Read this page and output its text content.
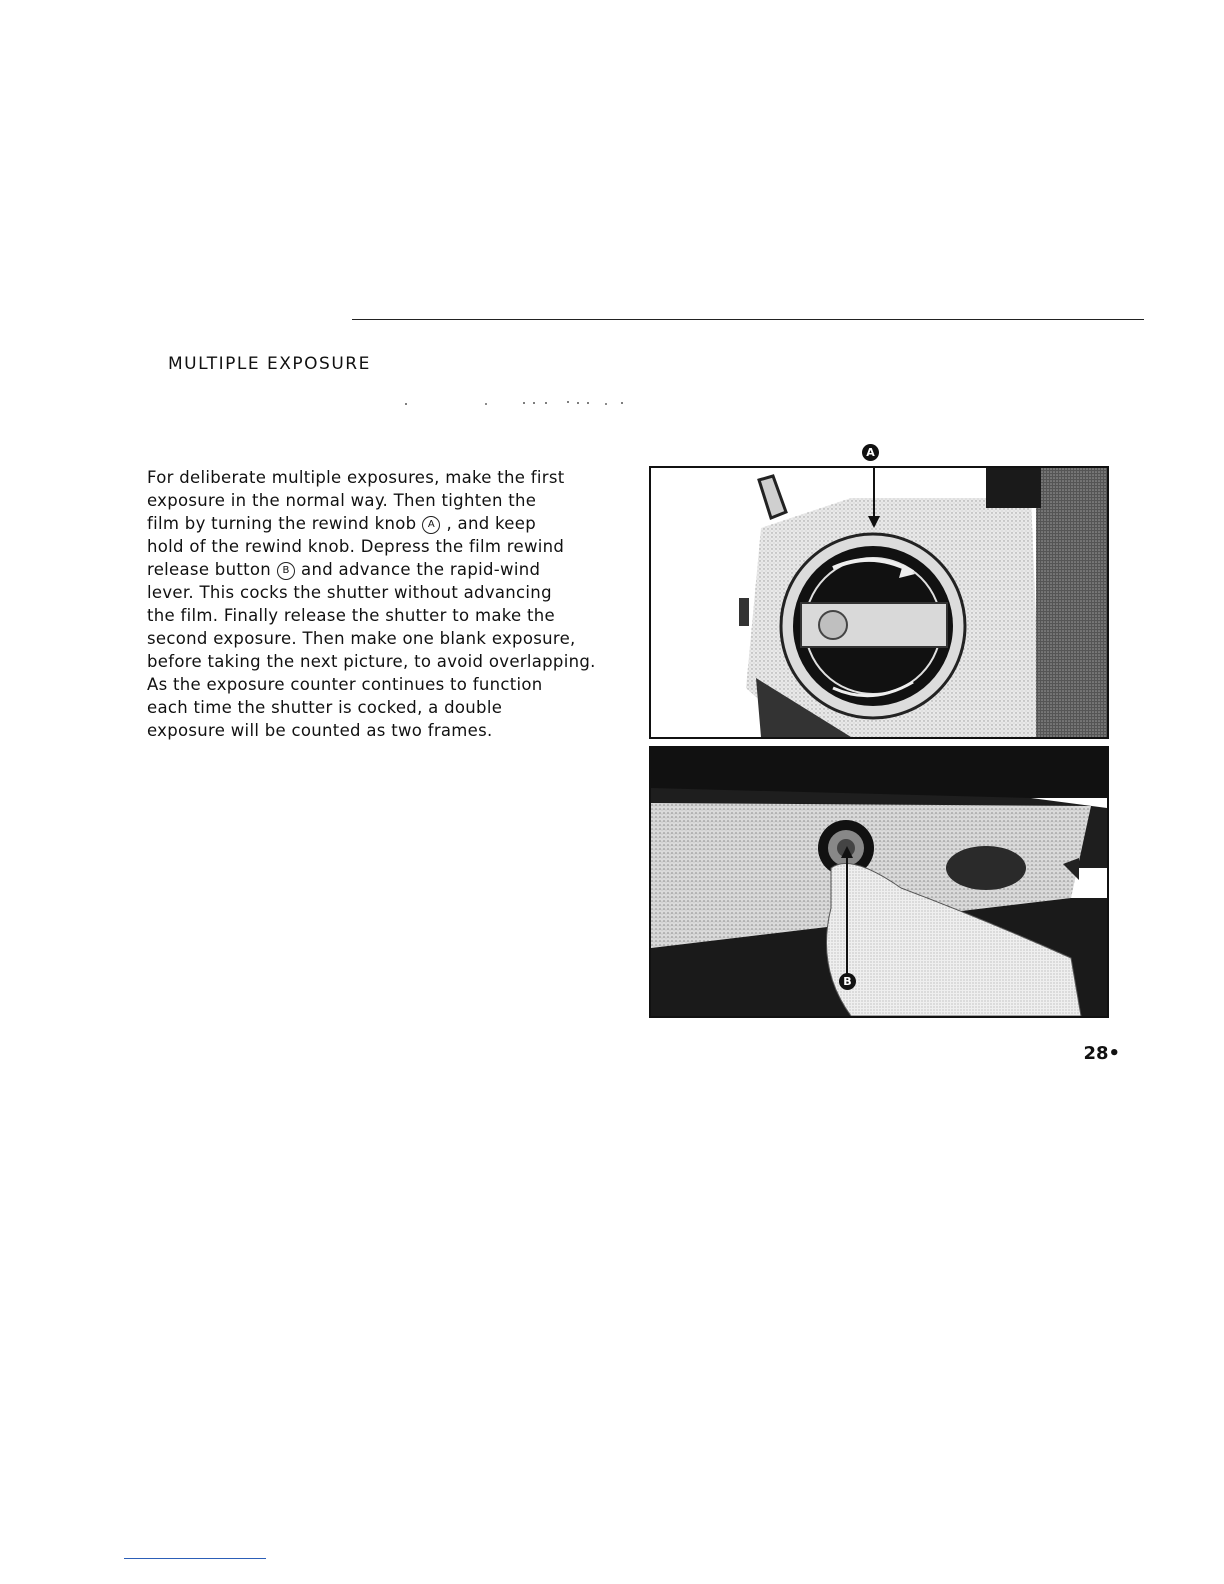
MULTIPLE EXPOSURE
For deliberate multiple exposures, make the first
exposure in the normal way. Then tighten the
film by turning the rewind knob A , and keep
hold of the rewind knob. Depress the film rewind
release button B and advance the rapid-wind
lever. This cocks the shutter without advancing
the film. Finally release the shutter to make the
second exposure. Then make one blank exposure,
before taking the next picture, to avoid overlapping.
As the exposure counter continues to function
each time the shutter is cocked, a double
exposure will be counted as two frames.
A
B
28•
